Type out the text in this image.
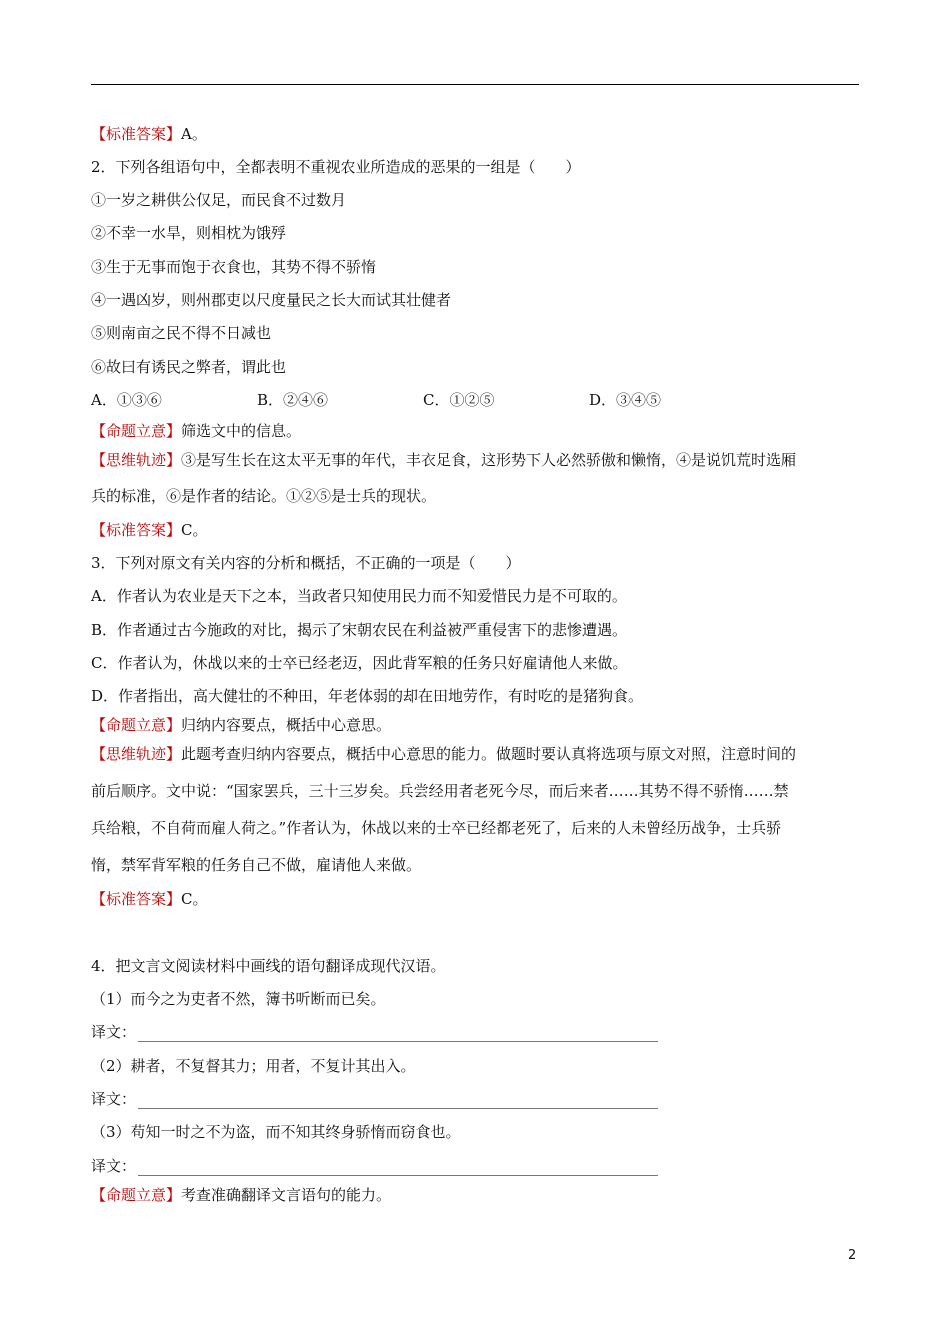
【标准答案】A。
2．下列各组语句中，全都表明不重视农业所造成的恶果的一组是（　　）
①一岁之耕供公仅足，而民食不过数月
②不幸一水旱，则相枕为饿殍
③生于无事而饱于衣食也，其势不得不骄惰
④一遇凶岁，则州郡吏以尺度量民之长大而试其壮健者
⑤则南亩之民不得不日减也
⑥故曰有诱民之弊者，谓此也
A．①③⑥	B．②④⑥	C．①②⑤	D．③④⑤
【命题立意】筛选文中的信息。
【思维轨迹】③是写生长在这太平无事的年代，丰衣足食，这形势下人必然骄傲和懒惰，④是说饥荒时选厢
兵的标准，⑥是作者的结论。①②⑤是士兵的现状。
【标准答案】C。
3．下列对原文有关内容的分析和概括，不正确的一项是（　　）
A．作者认为农业是天下之本，当政者只知使用民力而不知爱惜民力是不可取的。
B．作者通过古今施政的对比，揭示了宋朝农民在利益被严重侵害下的悲惨遭遇。
C．作者认为，休战以来的士卒已经老迈，因此背军粮的任务只好雇请他人来做。
D．作者指出，高大健壮的不种田，年老体弱的却在田地劳作，有时吃的是猪狗食。
【命题立意】归纳内容要点，概括中心意思。
【思维轨迹】此题考查归纳内容要点，概括中心意思的能力。做题时要认真将选项与原文对照，注意时间的
前后顺序。文中说：“国家罢兵，三十三岁矣。兵尝经用者老死今尽，而后来者……其势不得不骄惰……禁
兵给粮，不自荷而雇人荷之。”作者认为，休战以来的士卒已经都老死了，后来的人未曾经历战争，士兵骄
惰，禁军背军粮的任务自己不做，雇请他人来做。
【标准答案】C。
4．把文言文阅读材料中画线的语句翻译成现代汉语。
（1）而今之为吏者不然，簿书听断而已矣。
译文：
（2）耕者，不复督其力；用者，不复计其出入。
译文：
（3）苟知一时之不为盗，而不知其终身骄惰而窃食也。
译文：
【命题立意】考查准确翻译文言语句的能力。
2
